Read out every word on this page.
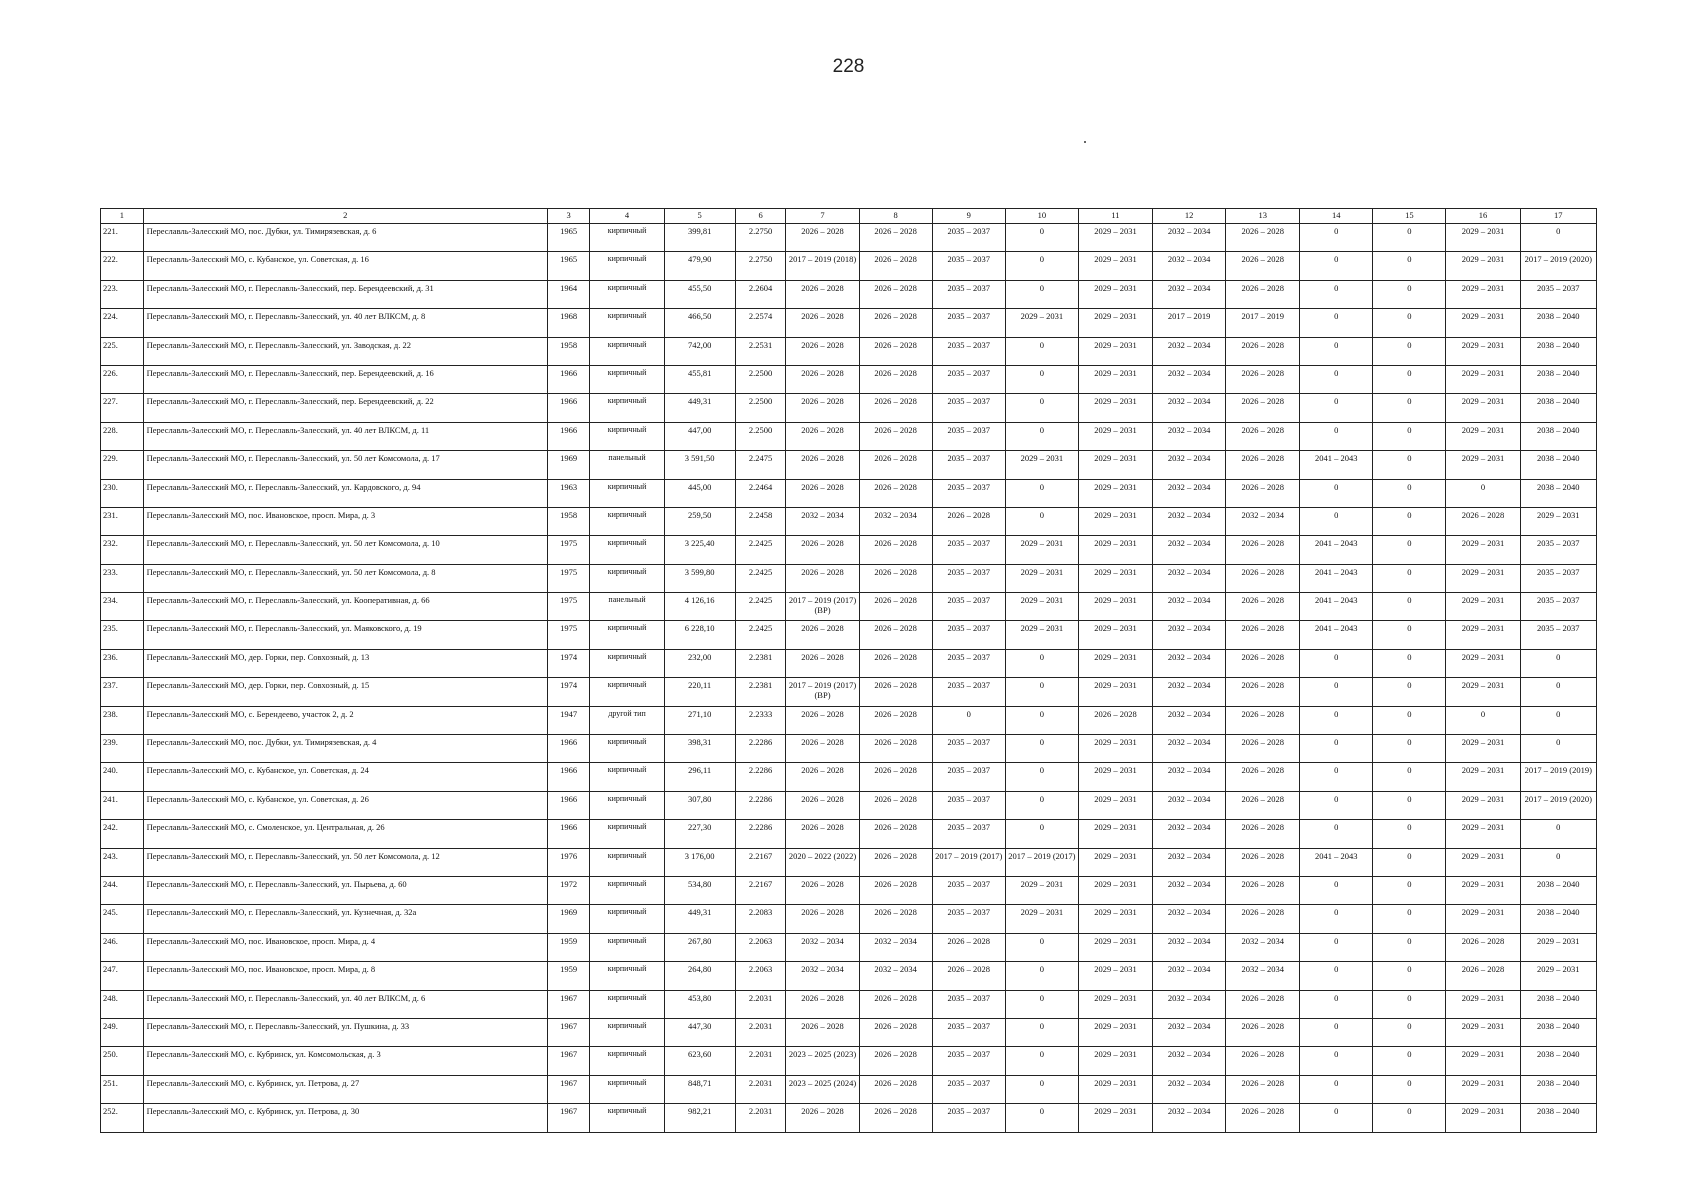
228
1	2	3	4	5	6	7	8	9	10	11	12	13	14	15	16	17
221.	Переславль-Залесский МО, пос. Дубки, ул. Тимирязевская, д. 6	1965	кирпичный	399,81	2.2750	2026 – 2028	2026 – 2028	2035 – 2037	0	2029 – 2031	2032 – 2034	2026 – 2028	0	0	2029 – 2031	0
222.	Переславль-Залесский МО, с. Кубанское, ул. Советская, д. 16	1965	кирпичный	479,90	2.2750	2017 – 2019 (2018)	2026 – 2028	2035 – 2037	0	2029 – 2031	2032 – 2034	2026 – 2028	0	0	2029 – 2031	2017 – 2019 (2020)
223.	Переславль-Залесский МО, г. Переславль-Залесский, пер. Берендеевский, д. 31	1964	кирпичный	455,50	2.2604	2026 – 2028	2026 – 2028	2035 – 2037	0	2029 – 2031	2032 – 2034	2026 – 2028	0	0	2029 – 2031	2035 – 2037
224.	Переславль-Залесский МО, г. Переславль-Залесский, ул. 40 лет ВЛКСМ, д. 8	1968	кирпичный	466,50	2.2574	2026 – 2028	2026 – 2028	2035 – 2037	2029 – 2031	2029 – 2031	2017 – 2019	2017 – 2019	0	0	2029 – 2031	2038 – 2040
225.	Переславль-Залесский МО, г. Переславль-Залесский, ул. Заводская, д. 22	1958	кирпичный	742,00	2.2531	2026 – 2028	2026 – 2028	2035 – 2037	0	2029 – 2031	2032 – 2034	2026 – 2028	0	0	2029 – 2031	2038 – 2040
226.	Переславль-Залесский МО, г. Переславль-Залесский, пер. Берендеевский, д. 16	1966	кирпичный	455,81	2.2500	2026 – 2028	2026 – 2028	2035 – 2037	0	2029 – 2031	2032 – 2034	2026 – 2028	0	0	2029 – 2031	2038 – 2040
227.	Переславль-Залесский МО, г. Переславль-Залесский, пер. Берендеевский, д. 22	1966	кирпичный	449,31	2.2500	2026 – 2028	2026 – 2028	2035 – 2037	0	2029 – 2031	2032 – 2034	2026 – 2028	0	0	2029 – 2031	2038 – 2040
228.	Переславль-Залесский МО, г. Переславль-Залесский, ул. 40 лет ВЛКСМ, д. 11	1966	кирпичный	447,00	2.2500	2026 – 2028	2026 – 2028	2035 – 2037	0	2029 – 2031	2032 – 2034	2026 – 2028	0	0	2029 – 2031	2038 – 2040
229.	Переславль-Залесский МО, г. Переславль-Залесский, ул. 50 лет Комсомола, д. 17	1969	панельный	3 591,50	2.2475	2026 – 2028	2026 – 2028	2035 – 2037	2029 – 2031	2029 – 2031	2032 – 2034	2026 – 2028	2041 – 2043	0	2029 – 2031	2038 – 2040
230.	Переславль-Залесский МО, г. Переславль-Залесский, ул. Кардовского, д. 94	1963	кирпичный	445,00	2.2464	2026 – 2028	2026 – 2028	2035 – 2037	0	2029 – 2031	2032 – 2034	2026 – 2028	0	0	0	2038 – 2040
231.	Переславль-Залесский МО, пос. Ивановское, просп. Мира, д. 3	1958	кирпичный	259,50	2.2458	2032 – 2034	2032 – 2034	2026 – 2028	0	2029 – 2031	2032 – 2034	2032 – 2034	0	0	2026 – 2028	2029 – 2031
232.	Переславль-Залесский МО, г. Переславль-Залесский, ул. 50 лет Комсомола, д. 10	1975	кирпичный	3 225,40	2.2425	2026 – 2028	2026 – 2028	2035 – 2037	2029 – 2031	2029 – 2031	2032 – 2034	2026 – 2028	2041 – 2043	0	2029 – 2031	2035 – 2037
233.	Переславль-Залесский МО, г. Переславль-Залесский, ул. 50 лет Комсомола, д. 8	1975	кирпичный	3 599,80	2.2425	2026 – 2028	2026 – 2028	2035 – 2037	2029 – 2031	2029 – 2031	2032 – 2034	2026 – 2028	2041 – 2043	0	2029 – 2031	2035 – 2037
234.	Переславль-Залесский МО, г. Переславль-Залесский, ул. Кооперативная, д. 66	1975	панельный	4 126,16	2.2425	2017 – 2019 (2017) (ВР)	2026 – 2028	2035 – 2037	2029 – 2031	2029 – 2031	2032 – 2034	2026 – 2028	2041 – 2043	0	2029 – 2031	2035 – 2037
235.	Переславль-Залесский МО, г. Переславль-Залесский, ул. Маяковского, д. 19	1975	кирпичный	6 228,10	2.2425	2026 – 2028	2026 – 2028	2035 – 2037	2029 – 2031	2029 – 2031	2032 – 2034	2026 – 2028	2041 – 2043	0	2029 – 2031	2035 – 2037
236.	Переславль-Залесский МО, дер. Горки, пер. Совхозный, д. 13	1974	кирпичный	232,00	2.2381	2026 – 2028	2026 – 2028	2035 – 2037	0	2029 – 2031	2032 – 2034	2026 – 2028	0	0	2029 – 2031	0
237.	Переславль-Залесский МО, дер. Горки, пер. Совхозный, д. 15	1974	кирпичный	220,11	2.2381	2017 – 2019 (2017) (ВР)	2026 – 2028	2035 – 2037	0	2029 – 2031	2032 – 2034	2026 – 2028	0	0	2029 – 2031	0
238.	Переславль-Залесский МО, с. Берендеево, участок 2, д. 2	1947	другой тип	271,10	2.2333	2026 – 2028	2026 – 2028	0	0	2026 – 2028	2032 – 2034	2026 – 2028	0	0	0	0
239.	Переславль-Залесский МО, пос. Дубки, ул. Тимирязевская, д. 4	1966	кирпичный	398,31	2.2286	2026 – 2028	2026 – 2028	2035 – 2037	0	2029 – 2031	2032 – 2034	2026 – 2028	0	0	2029 – 2031	0
240.	Переславль-Залесский МО, с. Кубанское, ул. Советская, д. 24	1966	кирпичный	296,11	2.2286	2026 – 2028	2026 – 2028	2035 – 2037	0	2029 – 2031	2032 – 2034	2026 – 2028	0	0	2029 – 2031	2017 – 2019 (2019)
241.	Переславль-Залесский МО, с. Кубанское, ул. Советская, д. 26	1966	кирпичный	307,80	2.2286	2026 – 2028	2026 – 2028	2035 – 2037	0	2029 – 2031	2032 – 2034	2026 – 2028	0	0	2029 – 2031	2017 – 2019 (2020)
242.	Переславль-Залесский МО, с. Смоленское, ул. Центральная, д. 26	1966	кирпичный	227,30	2.2286	2026 – 2028	2026 – 2028	2035 – 2037	0	2029 – 2031	2032 – 2034	2026 – 2028	0	0	2029 – 2031	0
243.	Переславль-Залесский МО, г. Переславль-Залесский, ул. 50 лет Комсомола, д. 12	1976	кирпичный	3 176,00	2.2167	2020 – 2022 (2022)	2026 – 2028	2017 – 2019 (2017)	2017 – 2019 (2017)	2029 – 2031	2032 – 2034	2026 – 2028	2041 – 2043	0	2029 – 2031	0
244.	Переславль-Залесский МО, г. Переславль-Залесский, ул. Пырьева, д. 60	1972	кирпичный	534,80	2.2167	2026 – 2028	2026 – 2028	2035 – 2037	2029 – 2031	2029 – 2031	2032 – 2034	2026 – 2028	0	0	2029 – 2031	2038 – 2040
245.	Переславль-Залесский МО, г. Переславль-Залесский, ул. Кузнечная, д. 32а	1969	кирпичный	449,31	2.2083	2026 – 2028	2026 – 2028	2035 – 2037	2029 – 2031	2029 – 2031	2032 – 2034	2026 – 2028	0	0	2029 – 2031	2038 – 2040
246.	Переславль-Залесский МО, пос. Ивановское, просп. Мира, д. 4	1959	кирпичный	267,80	2.2063	2032 – 2034	2032 – 2034	2026 – 2028	0	2029 – 2031	2032 – 2034	2032 – 2034	0	0	2026 – 2028	2029 – 2031
247.	Переславль-Залесский МО, пос. Ивановское, просп. Мира, д. 8	1959	кирпичный	264,80	2.2063	2032 – 2034	2032 – 2034	2026 – 2028	0	2029 – 2031	2032 – 2034	2032 – 2034	0	0	2026 – 2028	2029 – 2031
248.	Переславль-Залесский МО, г. Переславль-Залесский, ул. 40 лет ВЛКСМ, д. 6	1967	кирпичный	453,80	2.2031	2026 – 2028	2026 – 2028	2035 – 2037	0	2029 – 2031	2032 – 2034	2026 – 2028	0	0	2029 – 2031	2038 – 2040
249.	Переславль-Залесский МО, г. Переславль-Залесский, ул. Пушкина, д. 33	1967	кирпичный	447,30	2.2031	2026 – 2028	2026 – 2028	2035 – 2037	0	2029 – 2031	2032 – 2034	2026 – 2028	0	0	2029 – 2031	2038 – 2040
250.	Переславль-Залесский МО, с. Кубринск, ул. Комсомольская, д. 3	1967	кирпичный	623,60	2.2031	2023 – 2025 (2023)	2026 – 2028	2035 – 2037	0	2029 – 2031	2032 – 2034	2026 – 2028	0	0	2029 – 2031	2038 – 2040
251.	Переславль-Залесский МО, с. Кубринск, ул. Петрова, д. 27	1967	кирпичный	848,71	2.2031	2023 – 2025 (2024)	2026 – 2028	2035 – 2037	0	2029 – 2031	2032 – 2034	2026 – 2028	0	0	2029 – 2031	2038 – 2040
252.	Переславль-Залесский МО, с. Кубринск, ул. Петрова, д. 30	1967	кирпичный	982,21	2.2031	2026 – 2028	2026 – 2028	2035 – 2037	0	2029 – 2031	2032 – 2034	2026 – 2028	0	0	2029 – 2031	2038 – 2040
